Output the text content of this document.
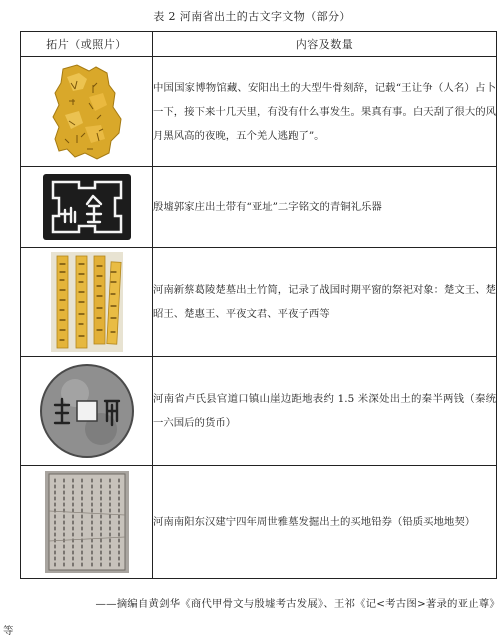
表 2 河南省出土的古文字文物（部分）
拓片（或照片）	内容及数量

	中国国家博物馆藏、安阳出土的大型牛骨刻辞，记载“王让争（人名）占卜一下，接下来十几天里，有没有什么事发生。果真有事。白天刮了很大的风月黑风高的夜晚，五个羌人逃跑了”。

	殷墟郭家庄出土带有“亚址”二字铭文的青铜礼乐器

	河南新蔡葛陵楚墓出土竹简，记录了战国时期平窗的祭祀对象：楚文王、楚昭王、楚惠王、平夜文君、平夜子西等

	河南省卢氏县官道口镇山崖边距地表约 1.5 米深处出土的秦半两钱（秦统一六国后的货币）

	河南南阳东汉建宁四年周世雅墓发掘出土的买地铅券（铅质买地地契）
——摘编自黄剑华《商代甲骨文与殷墟考古发展》、王祁《记<考古图>著录的亚止尊》
等
